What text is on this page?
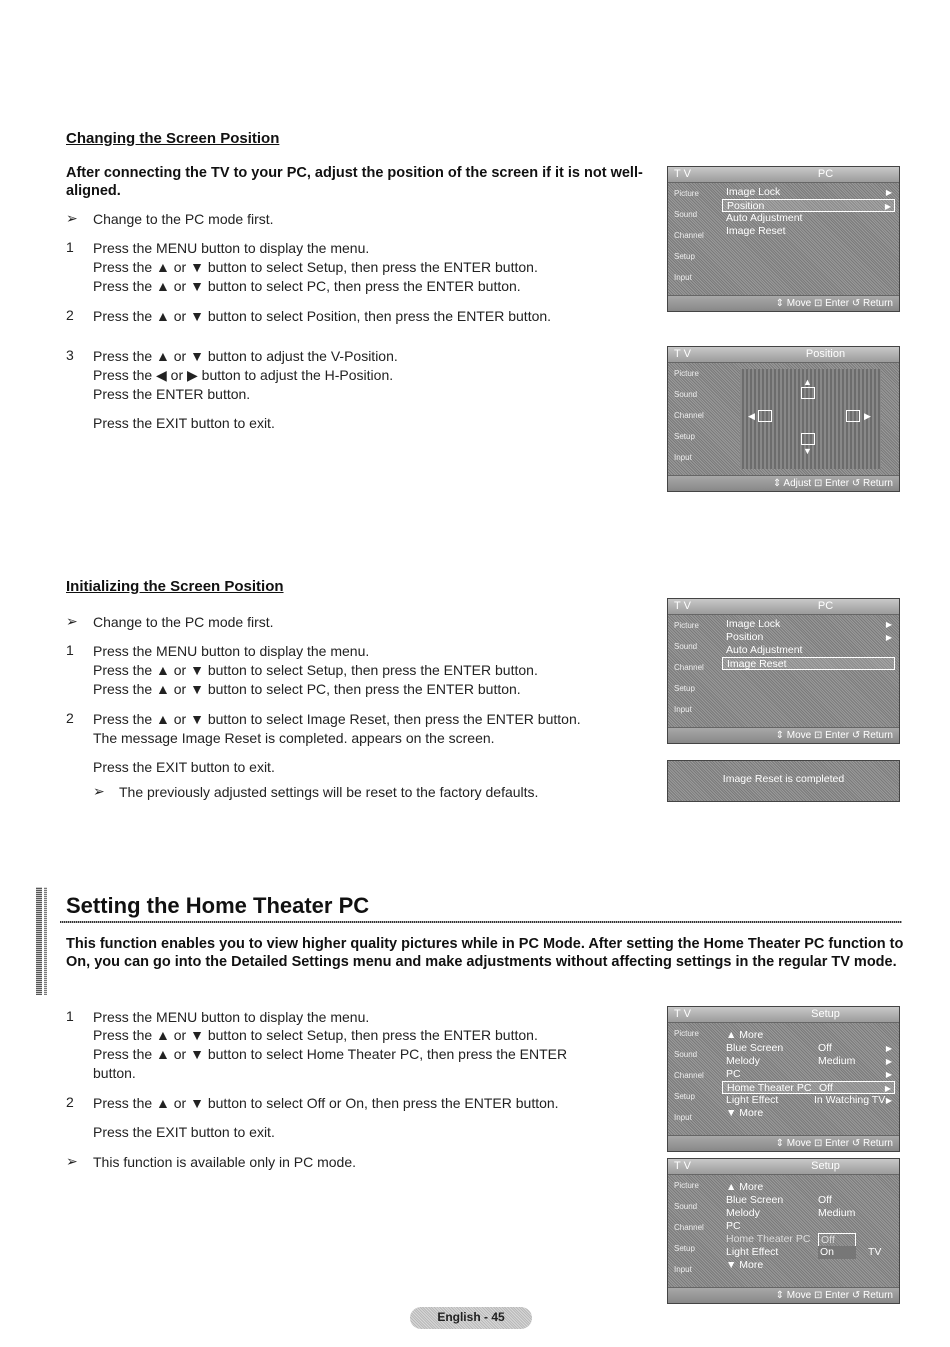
Changing the Screen Position
After connecting the TV to your PC, adjust the position of the screen if it is not well-aligned.
➢ Change to the PC mode first.
1 Press the MENU button to display the menu.
Press the ▲ or ▼ button to select Setup, then press the ENTER button.
Press the ▲ or ▼ button to select PC, then press the ENTER button.
2 Press the ▲ or ▼ button to select Position, then press the ENTER button.
3 Press the ▲ or ▼ button to adjust the V-Position.
Press the ◀ or ▶ button to adjust the H-Position.
Press the ENTER button.
Press the EXIT button to exit.
T V	PC
Picture
Sound
Channel
Setup
Input
Image Lock	▶
Position	▶
Auto Adjustment
Image Reset
⇕ Move ⊡ Enter ↺ Return
T V	Position
Picture
Sound
Channel
Setup
Input
▲
◀	▶
▼
⇕ Adjust ⊡ Enter ↺ Return
Initializing the Screen Position
➢ Change to the PC mode first.
1 Press the MENU button to display the menu.
Press the ▲ or ▼ button to select Setup, then press the ENTER button.
Press the ▲ or ▼ button to select PC, then press the ENTER button.
2 Press the ▲ or ▼ button to select Image Reset, then press the ENTER button.
The message Image Reset is completed. appears on the screen.
Press the EXIT button to exit.
➢ The previously adjusted settings will be reset to the factory defaults.
T V	PC
Picture
Sound
Channel
Setup
Input
Image Lock	▶
Position	▶
Auto Adjustment
Image Reset
⇕ Move ⊡ Enter ↺ Return
Image Reset is completed
Setting the Home Theater PC
This function enables you to view higher quality pictures while in PC Mode. After setting the Home Theater PC function to On, you can go into the Detailed Settings menu and make adjustments without affecting settings in the regular TV mode.
1 Press the MENU button to display the menu.
Press the ▲ or ▼ button to select Setup, then press the ENTER button.
Press the ▲ or ▼ button to select Home Theater PC, then press the ENTER
button.
2 Press the ▲ or ▼ button to select Off or On, then press the ENTER button.
Press the EXIT button to exit.
➢ This function is available only in PC mode.
T V	Setup
Picture
Sound
Channel
Setup
Input
▲ More
Blue Screen	Off	▶
Melody	Medium	▶
PC	▶
Home Theater PC Off	▶
Light Effect	In Watching TV ▶
▼ More
⇕ Move ⊡ Enter ↺ Return
T V	Setup
Picture
Sound
Channel
Setup
Input
▲ More
Blue Screen	Off
Melody	Medium
PC
Home Theater PC Off
Light Effect	On	TV
▼ More
⇕ Move ⊡ Enter ↺ Return
English - 45
